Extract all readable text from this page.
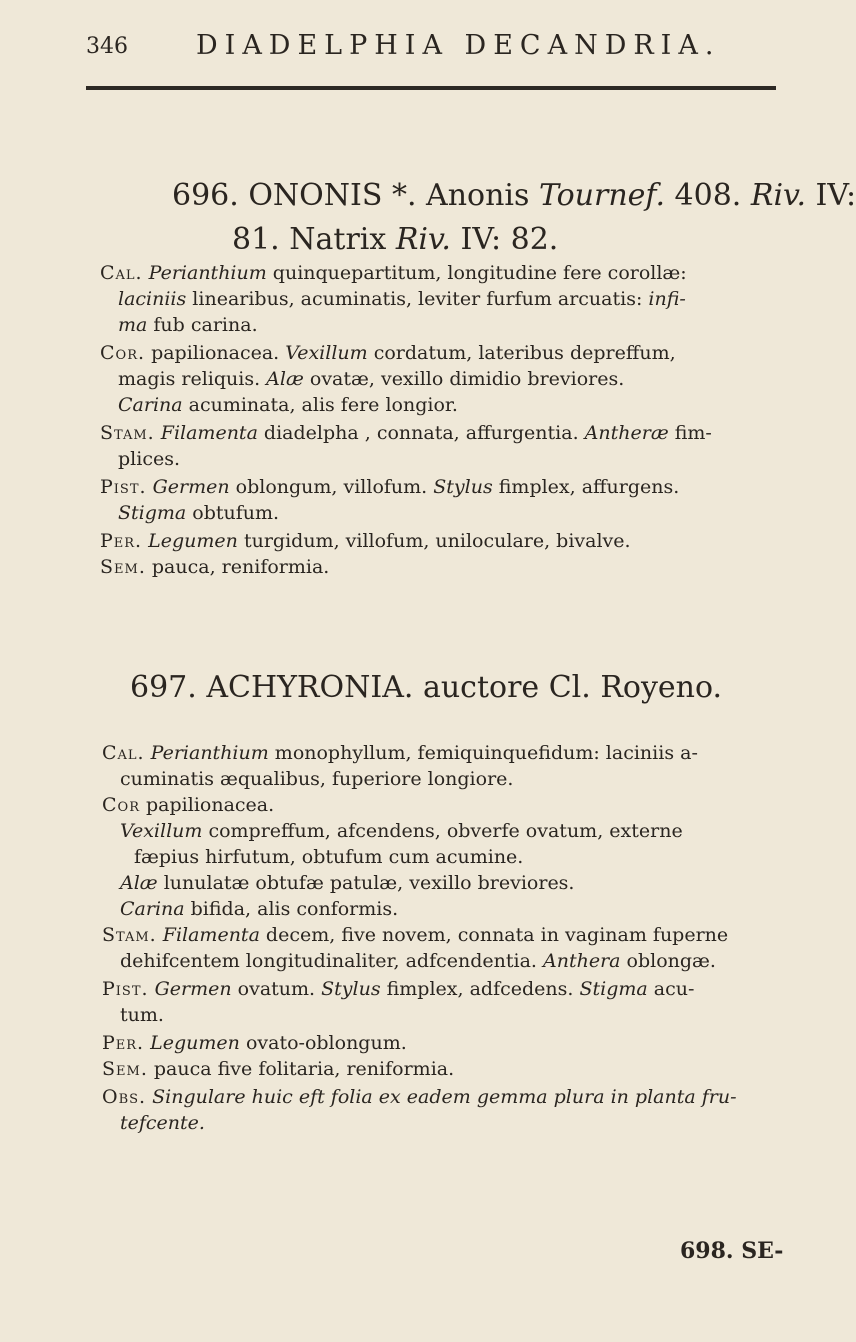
346	DIADELPHIA DECANDRIA.
696. ONONIS *. Anonis Tournef. 408. Riv. IV:
81. Natrix Riv. IV: 82.
Cal. Perianthium quinquepartitum, longitudine fere corollæ:
laciniis linearibus, acuminatis, leviter furfum arcuatis: infi-
ma fub carina.
Cor. papilionacea. Vexillum cordatum, lateribus depreffum,
magis reliquis. Alæ ovatæ, vexillo dimidio breviores.
Carina acuminata, alis fere longior.
Stam. Filamenta diadelpha , connata, affurgentia. Antheræ fim-
plices.
Pist. Germen oblongum, villofum. Stylus fimplex, affurgens.
Stigma obtufum.
Per. Legumen turgidum, villofum, uniloculare, bivalve.
Sem. pauca, reniformia.
697. ACHYRONIA. auctore Cl. Royeno.
Cal. Perianthium monophyllum, femiquinquefidum: laciniis a-
cuminatis æqualibus, fuperiore longiore.
Cor papilionacea.
Vexillum compreffum, afcendens, obverfe ovatum, externe
fæpius hirfutum, obtufum cum acumine.
Alæ lunulatæ obtufæ patulæ, vexillo breviores.
Carina bifida, alis conformis.
Stam. Filamenta decem, five novem, connata in vaginam fuperne
dehifcentem longitudinaliter, adfcendentia. Anthera oblongæ.
Pist. Germen ovatum. Stylus fimplex, adfcedens. Stigma acu-
tum.
Per. Legumen ovato-oblongum.
Sem. pauca five folitaria, reniformia.
Obs. Singulare huic eft folia ex eadem gemma plura in planta fru-
tefcente.
698. SE-
